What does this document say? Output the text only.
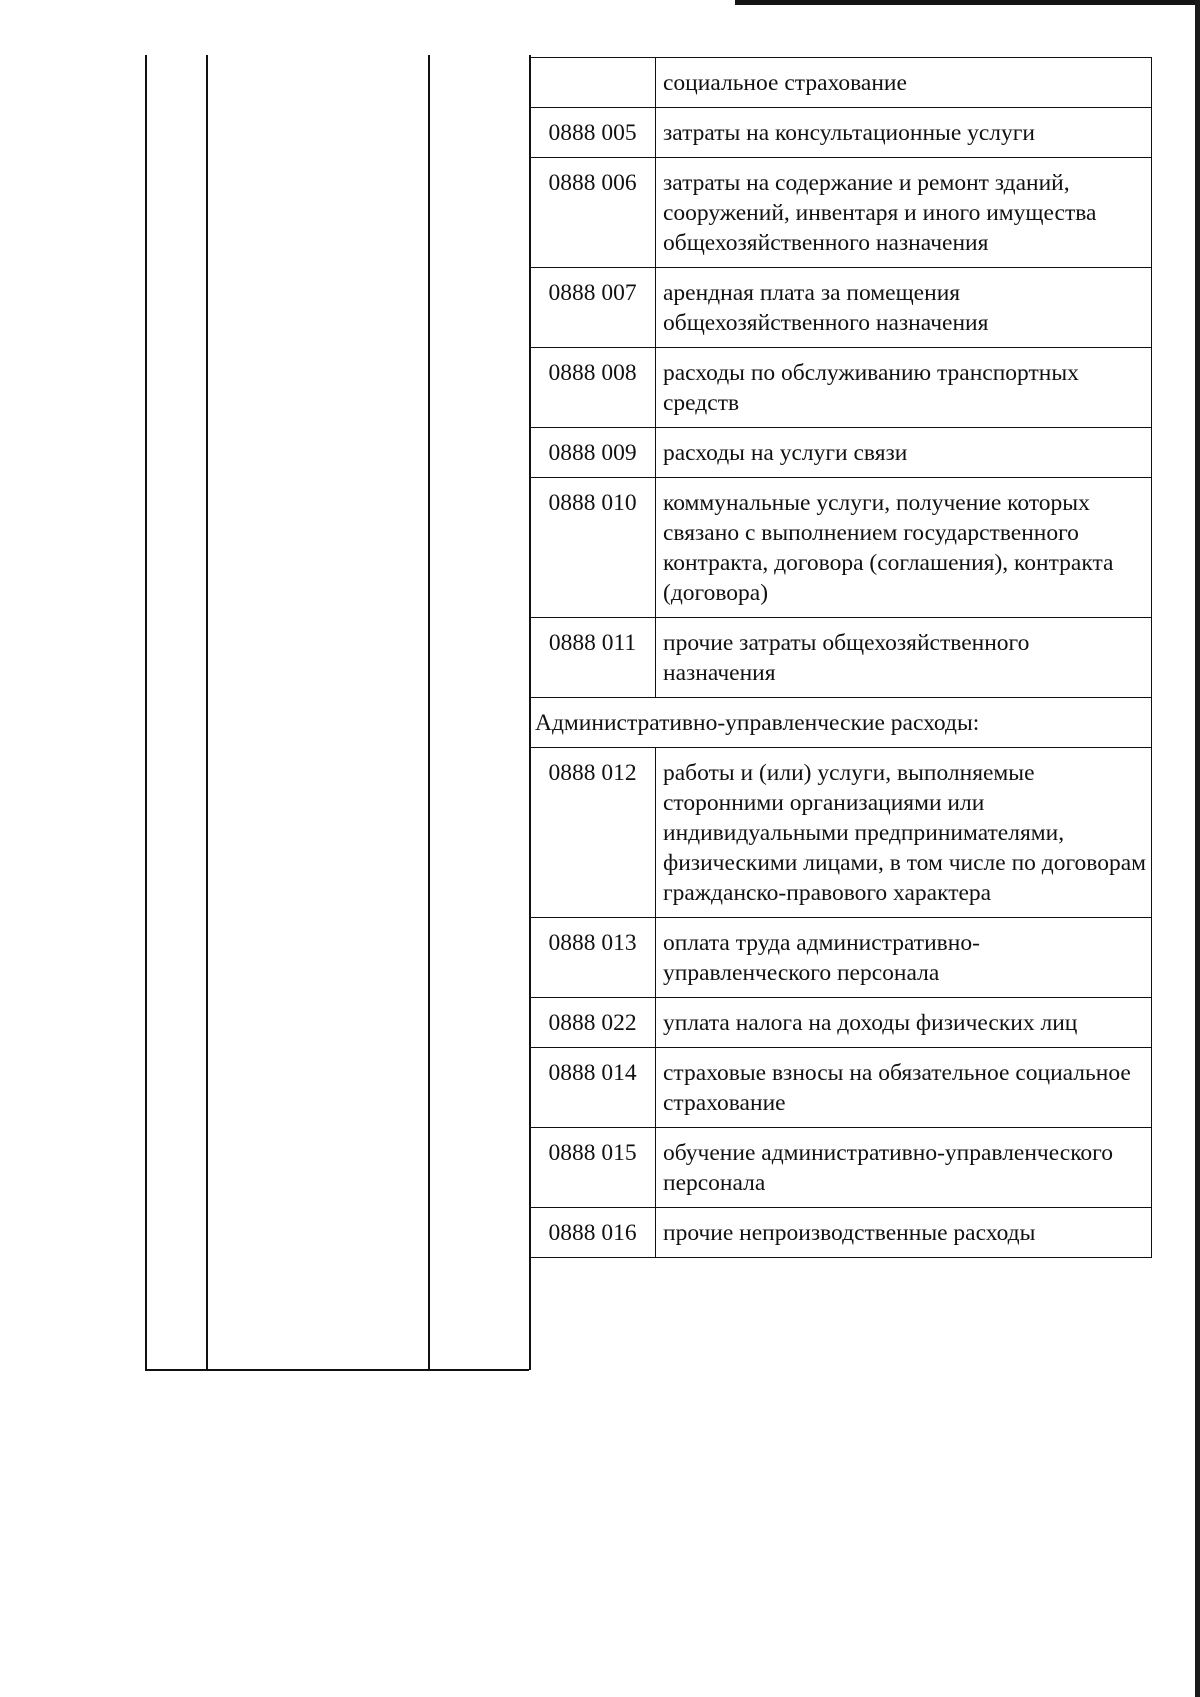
	социальное страхование
0888 005	затраты на консультационные услуги
0888 006	затраты на содержание и ремонт зданий, сооружений, инвентаря и иного имущества общехозяйственного назначения
0888 007	арендная плата за помещения общехозяйственного назначения
0888 008	расходы по обслуживанию транспортных средств
0888 009	расходы на услуги связи
0888 010	коммунальные услуги, получение которых связано с выполнением государственного контракта, договора (соглашения), контракта (договора)
0888 011	прочие затраты общехозяйственного назначения
Административно-управленческие расходы:	
0888 012	работы и (или) услуги, выполняемые сторонними организациями или индивидуальными предпринимателями, физическими лицами, в том числе по договорам гражданско-правового характера
0888 013	оплата труда административно-управленческого персонала
0888 022	уплата налога на доходы физических лиц
0888 014	страховые взносы на обязательное социальное страхование
0888 015	обучение административно-управленческого персонала
0888 016	прочие непроизводственные расходы
